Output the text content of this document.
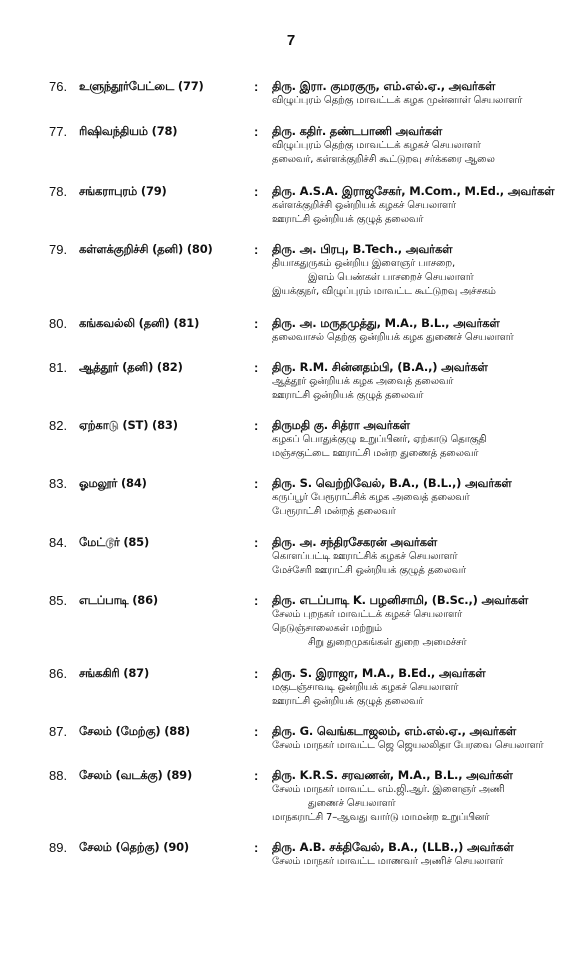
7
76. உளுந்தூர்பேட்டை (77)	: திரு. இரா. குமரகுரு, எம்.எல்.ஏ., அவர்கள்
விழுப்புரம் தெற்கு மாவட்டக் கழக முன்னாள் செயலாளர்
77. ரிஷிவந்தியம் (78)	: திரு. கதிர். தண்டபாணி அவர்கள்
விழுப்புரம் தெற்கு மாவட்டக் கழகச் செயலாளர்
தலைவர், கள்ளக்குறிச்சி கூட்டுறவு சர்க்கரை ஆலை
78. சங்கராபுரம் (79)	: திரு. A.S.A. இராஜசேகர், M.Com., M.Ed., அவர்கள்
கள்ளக்குறிச்சி ஒன்றியக் கழகச் செயலாளர்
ஊராட்சி ஒன்றியக் குழுத் தலைவர்
79. கள்ளக்குறிச்சி (தனி) (80)	: திரு. அ. பிரபு, B.Tech., அவர்கள்
தியாகதுருகம் ஒன்றிய இளைஞர் பாசறை,
இளம் பெண்கள் பாசறைச் செயலாளர்
இயக்குநர், விழுப்புரம் மாவட்ட கூட்டுறவு அச்சகம்
80. கங்கவல்லி (தனி) (81)	: திரு. அ. மருதமுத்து, M.A., B.L., அவர்கள்
தலைவாசல் தெற்கு ஒன்றியக் கழக துணைச் செயலாளர்
81. ஆத்தூர் (தனி) (82)	: திரு. R.M. சின்னதம்பி, (B.A.,) அவர்கள்
ஆத்தூர் ஒன்றியக் கழக அவைத் தலைவர்
ஊராட்சி ஒன்றியக் குழுத் தலைவர்
82. ஏற்காடு (ST) (83)	: திருமதி கு. சித்ரா அவர்கள்
கழகப் பொதுக்குழு உறுப்பினர், ஏற்காடு தொகுதி
மஞ்சகுட்டை ஊராட்சி மன்ற துணைத் தலைவர்
83. ஓமலூர் (84)	: திரு. S. வெற்றிவேல், B.A., (B.L.,) அவர்கள்
கருப்பூர் பேரூராட்சிக் கழக அவைத் தலைவர்
பேரூராட்சி மன்றத் தலைவர்
84. மேட்டூர் (85)	: திரு. அ. சந்திரசேகரன் அவர்கள்
கொளப்பட்டி ஊராட்சிக் கழகச் செயலாளர்
மேச்சேரி ஊராட்சி ஒன்றியக் குழுத் தலைவர்
85. எடப்பாடி (86)	: திரு. எடப்பாடி K. பழனிசாமி, (B.Sc.,) அவர்கள்
சேலம் புறநகர் மாவட்டக் கழகச் செயலாளர்
நெடுஞ்சாலைகள் மற்றும்
சிறு துறைமுகங்கள் துறை அமைச்சர்
86. சங்ககிரி (87)	: திரு. S. இராஜா, M.A., B.Ed., அவர்கள்
மகுடஞ்சாவடி ஒன்றியக் கழகச் செயலாளர்
ஊராட்சி ஒன்றியக் குழுத் தலைவர்
87. சேலம் (மேற்கு) (88)	: திரு. G. வெங்கடாஜலம், எம்.எல்.ஏ., அவர்கள்
சேலம் மாநகர் மாவட்ட ஜெ ஜெயலலிதா பேரவை செயலாளர்
88. சேலம் (வடக்கு) (89)	: திரு. K.R.S. சரவணன், M.A., B.L., அவர்கள்
சேலம் மாநகர் மாவட்ட எம்.ஜி.ஆர். இளைஞர் அணி
துணைச் செயலாளர்
மாநகராட்சி 7–ஆவது வார்டு மாமன்ற உறுப்பினர்
89. சேலம் (தெற்கு) (90)	: திரு. A.B. சக்திவேல், B.A., (LLB.,) அவர்கள்
சேலம் மாநகர் மாவட்ட மாணவர் அணிச் செயலாளர்
